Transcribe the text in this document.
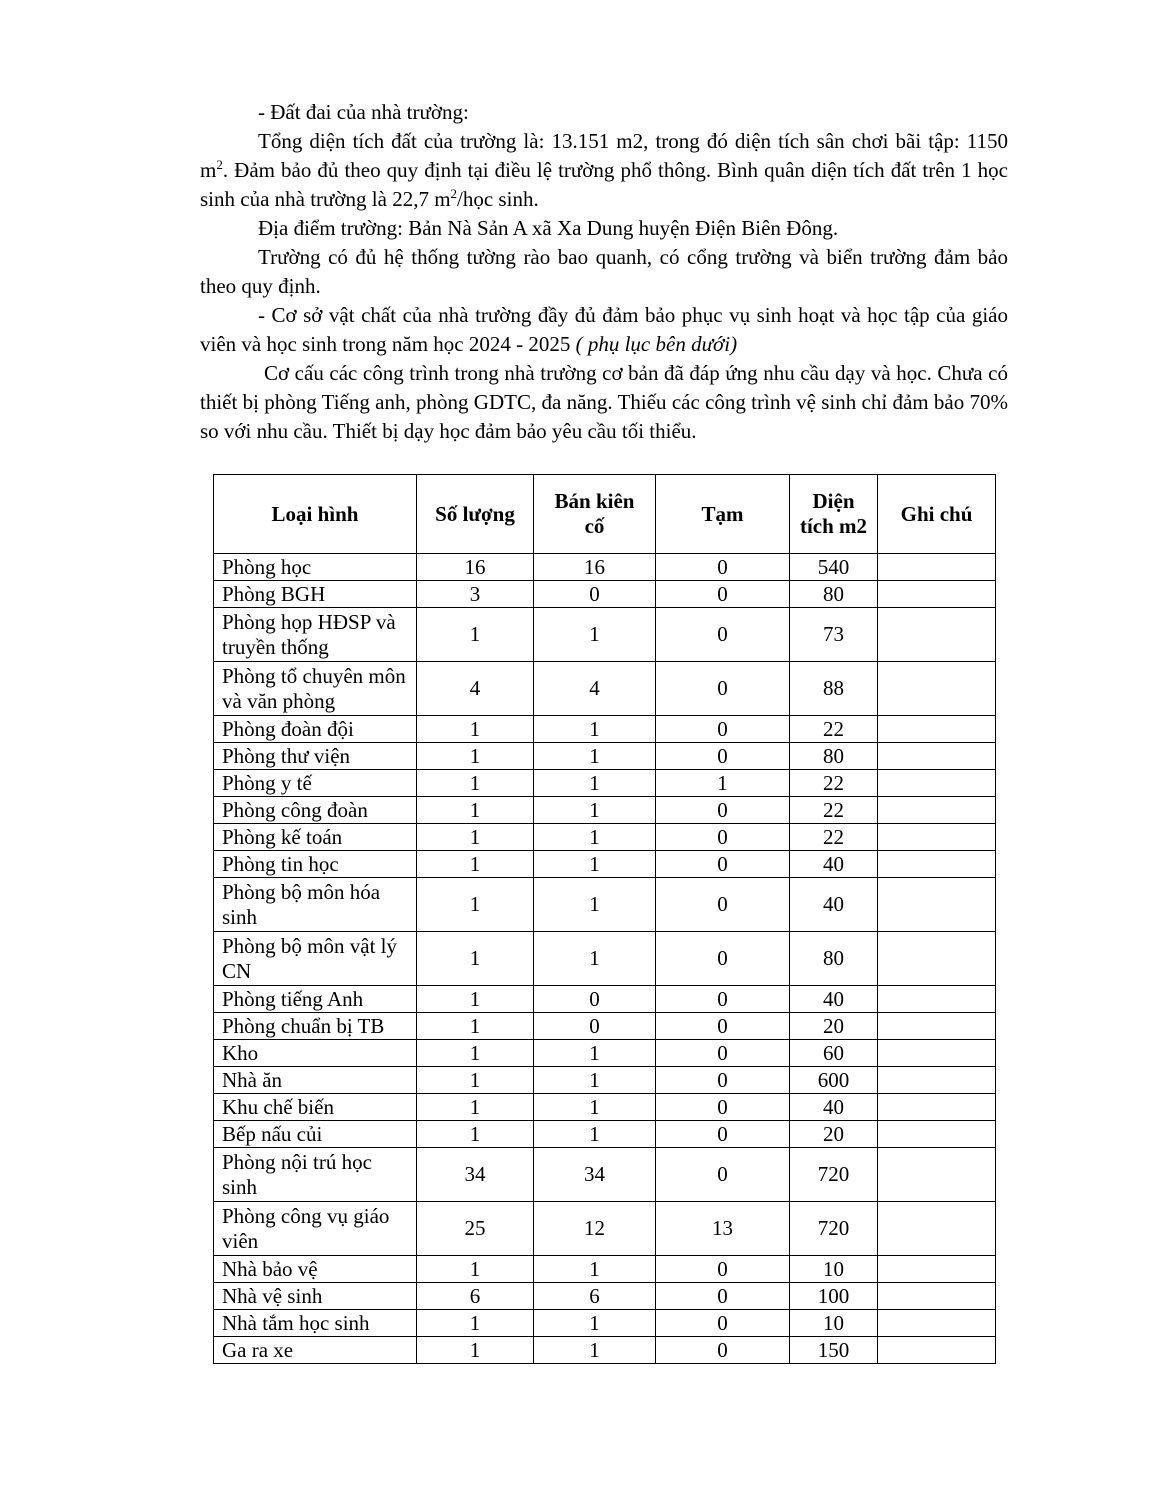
- Đất đai của nhà trường:

Tổng diện tích đất của trường là: 13.151 m2, trong đó diện tích sân chơi bãi tập: 1150 $m^2$. Đảm bảo đủ theo quy định tại điều lệ trường phổ thông. Bình quân diện tích đất trên 1 học sinh của nhà trường là 22,7 $m^2$/học sinh.

Địa điểm trường: Bản Nà Sản A xã Xa Dung huyện Điện Biên Đông.

Trường có đủ hệ thống tường rào bao quanh, có cổng trường và biển trường đảm bảo theo quy định.

- Cơ sở vật chất của nhà trường đầy đủ đảm bảo phục vụ sinh hoạt và học tập của giáo viên và học sinh trong năm học 2024 - 2025 ( phụ lục bên dưới)

Cơ cấu các công trình trong nhà trường cơ bản đã đáp ứng nhu cầu dạy và học. Chưa có thiết bị phòng Tiếng anh, phòng GDTC, đa năng. Thiếu các công trình vệ sinh chỉ đảm bảo 70% so với nhu cầu. Thiết bị dạy học đảm bảo yêu cầu tối thiểu.

Loại hình	Số lượng	Bán kiên cố	Tạm	Diện tích m2	Ghi chú
Phòng học	16	16	0	540	
Phòng BGH	3	0	0	80	
Phòng họp HĐSP và truyền thống	1	1	0	73	
Phòng tổ chuyên môn và văn phòng	4	4	0	88	
Phòng đoàn đội	1	1	0	22	
Phòng thư viện	1	1	0	80	
Phòng y tế	1	1	1	22	
Phòng công đoàn	1	1	0	22	
Phòng kế toán	1	1	0	22	
Phòng tin học	1	1	0	40	
Phòng bộ môn hóa sinh	1	1	0	40	
Phòng bộ môn vật lý CN	1	1	0	80	
Phòng tiếng Anh	1	0	0	40	
Phòng chuẩn bị TB	1	0	0	20	
Kho	1	1	0	60	
Nhà ăn	1	1	0	600	
Khu chế biến	1	1	0	40	
Bếp nấu củi	1	1	0	20	
Phòng nội trú học sinh	34	34	0	720	
Phòng công vụ giáo viên	25	12	13	720	
Nhà bảo vệ	1	1	0	10	
Nhà vệ sinh	6	6	0	100	
Nhà tắm học sinh	1	1	0	10	
Ga ra xe	1	1	0	150	
